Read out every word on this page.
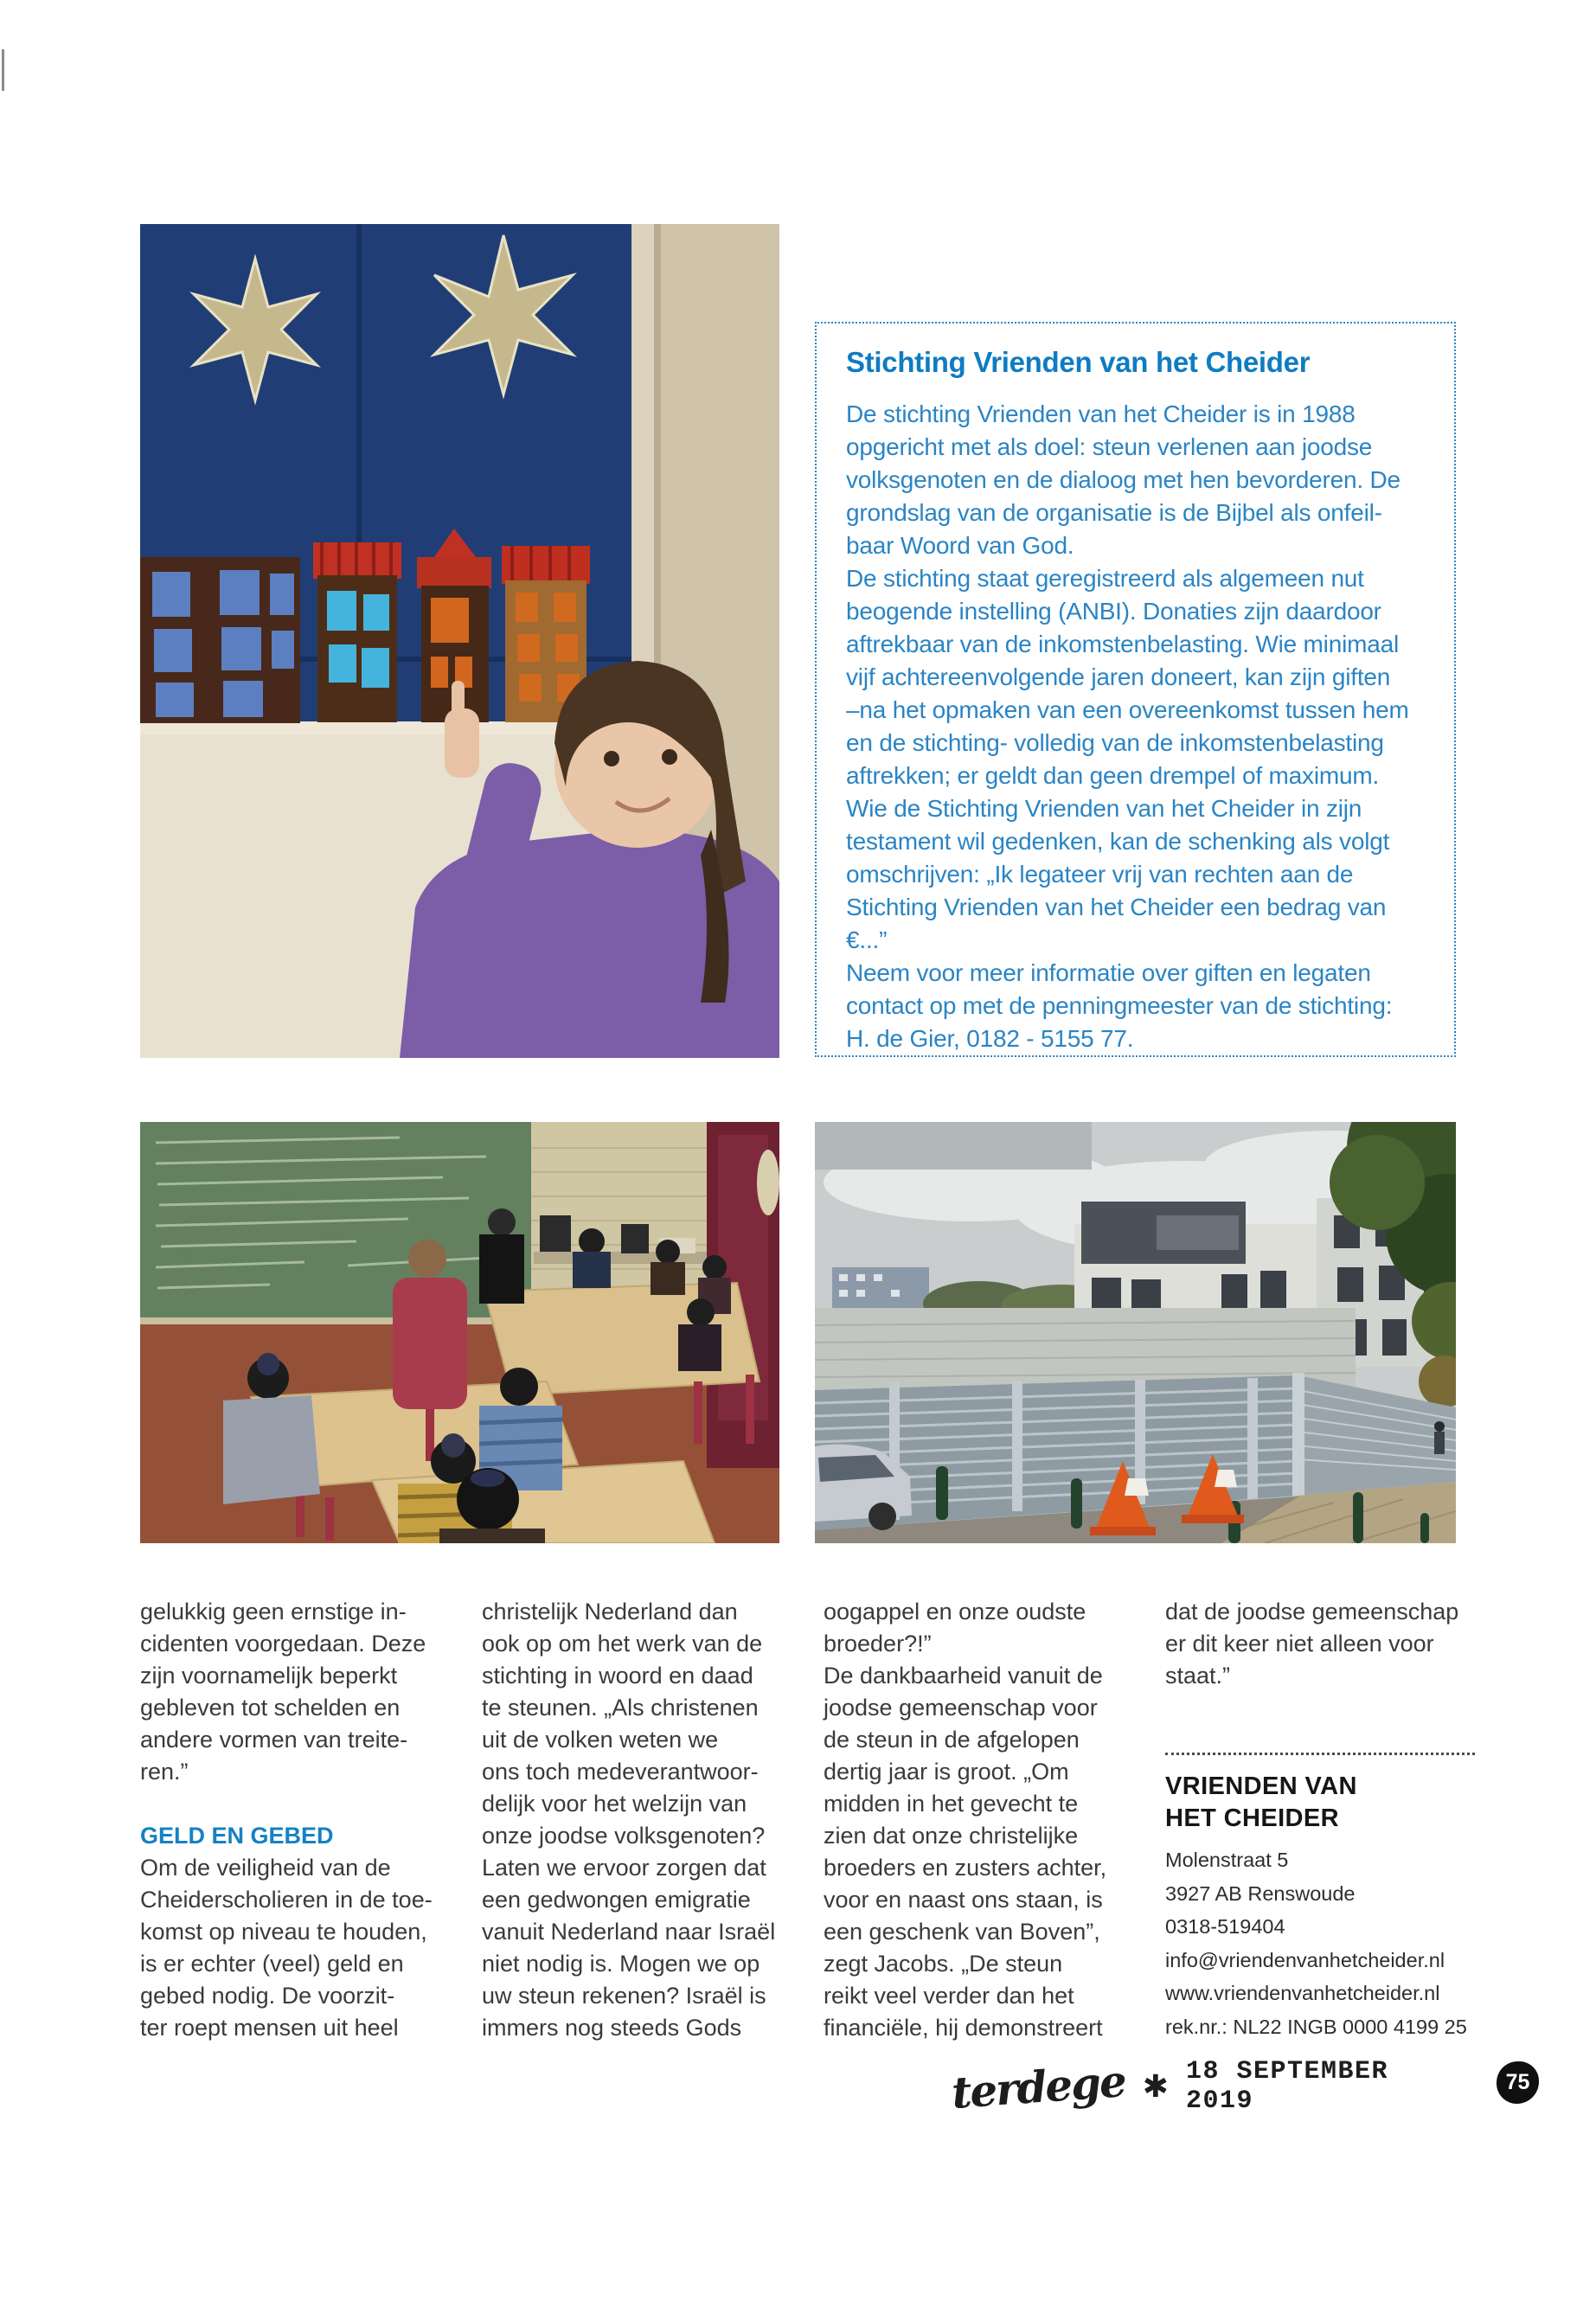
Stichting Vrienden van het Cheider
De stichting Vrienden van het Cheider is in 1988
opgericht met als doel: steun verlenen aan joodse
volksgenoten en de dialoog met hen bevorderen. De
grondslag van de organisatie is de Bijbel als onfeil-
baar Woord van God.
De stichting staat geregistreerd als algemeen nut
beogende instelling (ANBI). Donaties zijn daardoor
aftrekbaar van de inkomstenbelasting. Wie minimaal
vijf achtereenvolgende jaren doneert, kan zijn giften
–na het opmaken van een overeenkomst tussen hem
en de stichting- volledig van de inkomstenbelasting
aftrekken; er geldt dan geen drempel of maximum.
Wie de Stichting Vrienden van het Cheider in zijn
testament wil gedenken, kan de schenking als volgt
omschrijven: „Ik legateer vrij van rechten aan de
Stichting Vrienden van het Cheider een bedrag van
€...”
Neem voor meer informatie over giften en legaten
contact op met de penningmeester van de stichting:
H. de Gier, 0182 - 5155 77.
gelukkig geen ernstige in-
cidenten voorgedaan. Deze
zijn voornamelijk beperkt
gebleven tot schelden en
andere vormen van treite-
ren.”
GELD EN GEBED
Om de veiligheid van de
Cheiderscholieren in de toe-
komst op niveau te houden,
is er echter (veel) geld en
gebed nodig. De voorzit-
ter roept mensen uit heel
christelijk Nederland dan
ook op om het werk van de
stichting in woord en daad
te steunen. „Als christenen
uit de volken weten we
ons toch medeverantwoor-
delijk voor het welzijn van
onze joodse volksgenoten?
Laten we ervoor zorgen dat
een gedwongen emigratie
vanuit Nederland naar Israël
niet nodig is. Mogen we op
uw steun rekenen? Israël is
immers nog steeds Gods
oogappel en onze oudste
broeder?!”
De dankbaarheid vanuit de
joodse gemeenschap voor
de steun in de afgelopen
dertig jaar is groot. „Om
midden in het gevecht te
zien dat onze christelijke
broeders en zusters achter,
voor en naast ons staan, is
een geschenk van Boven”,
zegt Jacobs. „De steun
reikt veel verder dan het
financiële, hij demonstreert
dat de joodse gemeenschap
er dit keer niet alleen voor
staat.”
VRIENDEN VAN
HET CHEIDER
Molenstraat 5
3927 AB Renswoude
0318-519404
info@vriendenvanhetcheider.nl
www.vriendenvanhetcheider.nl
rek.nr.: NL22 INGB 0000 4199 25
terdege ✱ 18 SEPTEMBER 2019
75
